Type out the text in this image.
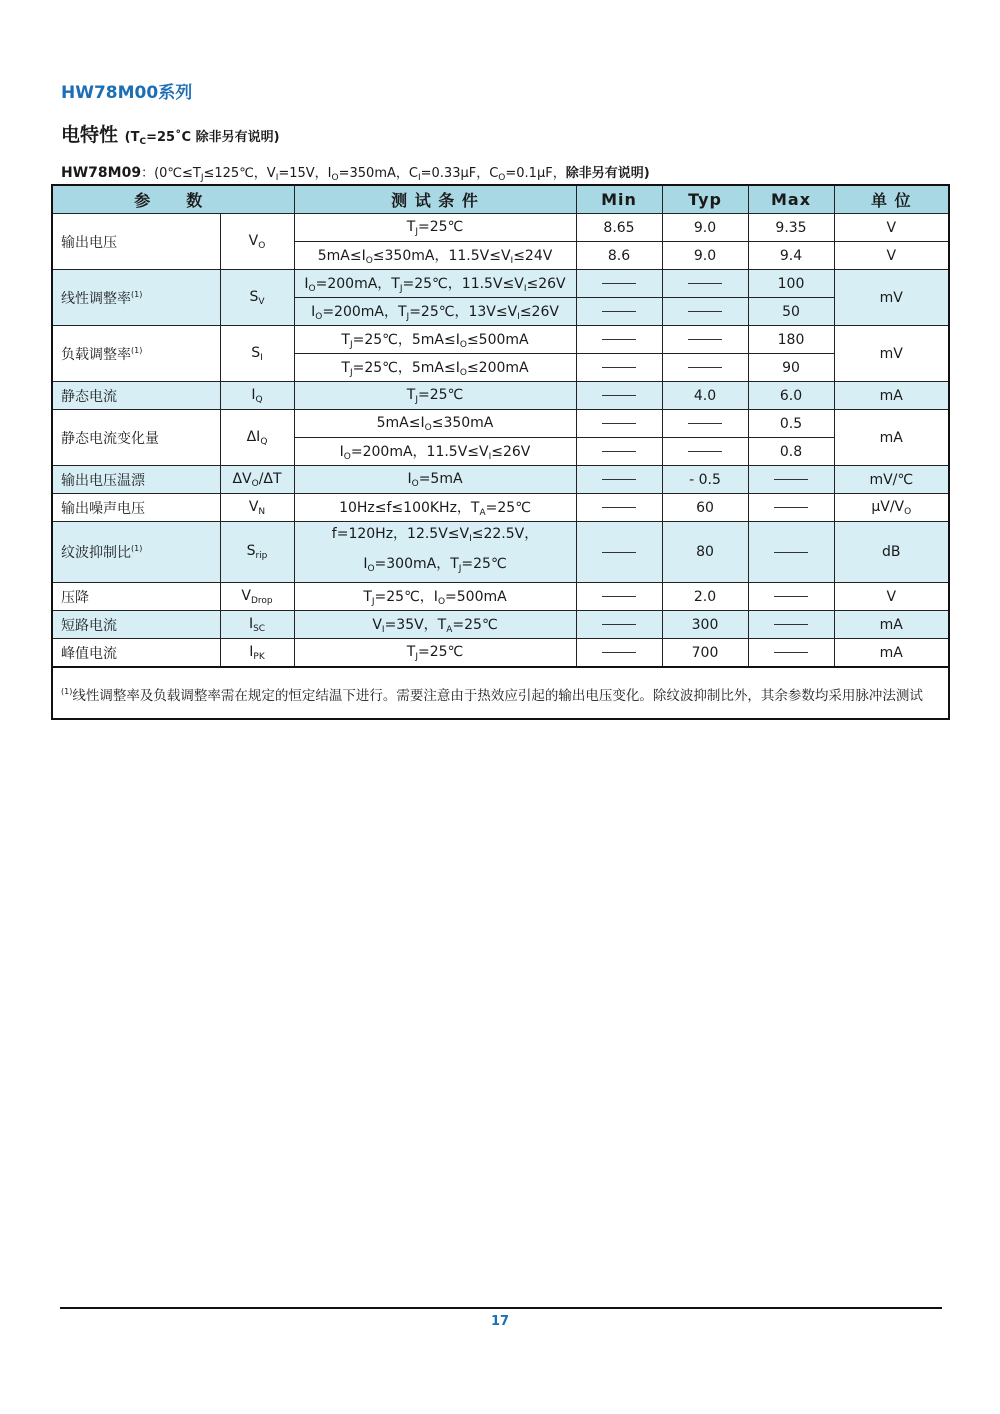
HW78M00系列
电特性 ($T_C=25˚C$ 除非另有说明)
HW78M09：($0℃\le T_J\le 125℃$，$V_I=15V$，$I_O=350mA$，$C_I=0.33\mu F$，$C_O=0.1\mu F$，除非另有说明)
参　数		测 试 条 件	Min	Typ	Max	单 位
输出电压	$V_O$	$T_J=25℃$	8.65	9.0	9.35	V
		$5mA\le I_O\le 350mA$，$11.5V\le V_I\le 24V$	8.6	9.0	9.4	V
线性调整率$^{(1)}$	$S_V$	$I_O=200mA$，$T_J=25℃$，$11.5V\le V_I\le 26V$			100	mV
		$I_O=200mA$，$T_J=25℃$，$13V\le V_I\le 26V$			50	
负载调整率$^{(1)}$	$S_I$	$T_J=25℃$，$5mA\le I_O\le 500mA$			180	mV
		$T_J=25℃$，$5mA\le I_O\le 200mA$			90	
静态电流	$I_Q$	$T_J=25℃$		4.0	6.0	mA
静态电流变化量	$\Delta I_Q$	$5mA\le I_O\le 350mA$			0.5	mA
		$I_O=200mA$，$11.5V\le V_I\le 26V$			0.8	
输出电压温漂	$\Delta V_O/\Delta T$	$I_O=5mA$		- 0.5		mV/℃
输出噪声电压	$V_N$	10Hz≤f≤100KHz，$T_A=25℃$		60		$\mu V/V_O$
纹波抑制比$^{(1)}$	$S_{rip}$	f=120Hz，$12.5V\le V_I\le 22.5V$，
$I_O=300mA$，$T_J=25℃$		80		dB
压降	$V_{Drop}$	$T_J=25℃$，$I_O=500mA$		2.0		V
短路电流	$I_{SC}$	$V_I=35V$，$T_A=25℃$		300		mA
峰值电流	$I_{PK}$	$T_J=25℃$		700		mA
$^{(1)}$线性调整率及负载调整率需在规定的恒定结温下进行。需要注意由于热效应引起的输出电压变化。除纹波抑制比外，其余参数均采用脉冲法测试						
17
